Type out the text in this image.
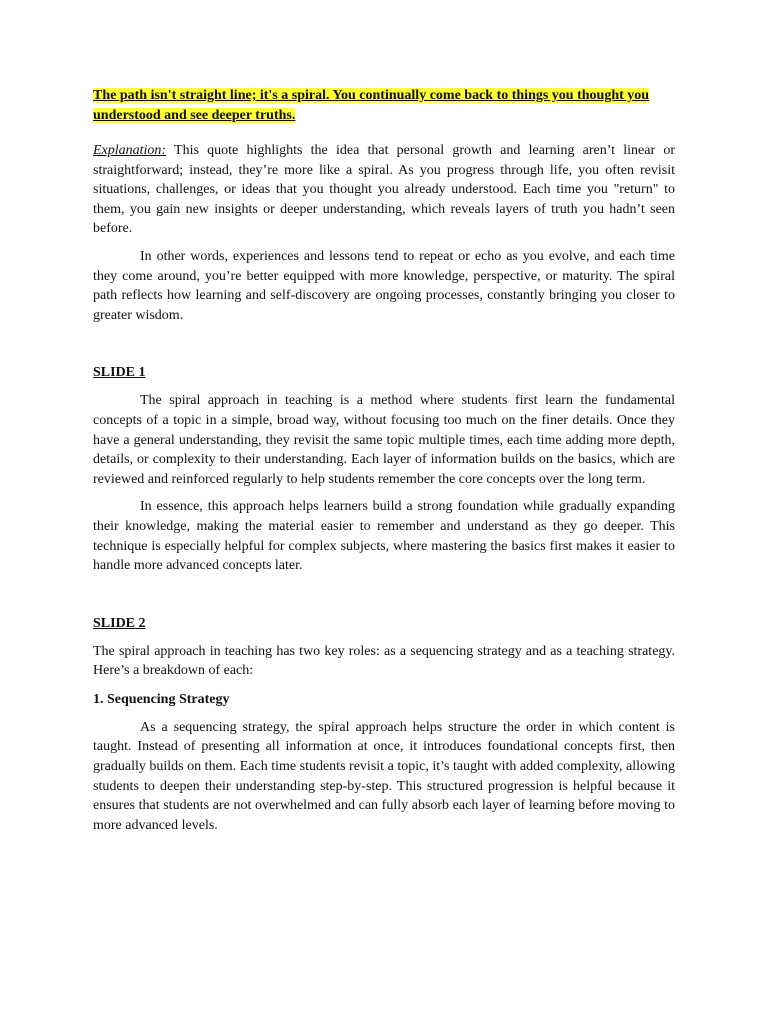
The path isn't straight line; it's a spiral. You continually come back to things you thought you understood and see deeper truths.

Explanation: This quote highlights the idea that personal growth and learning aren’t linear or straightforward; instead, they’re more like a spiral. As you progress through life, you often revisit situations, challenges, or ideas that you thought you already understood. Each time you "return" to them, you gain new insights or deeper understanding, which reveals layers of truth you hadn’t seen before.

In other words, experiences and lessons tend to repeat or echo as you evolve, and each time they come around, you’re better equipped with more knowledge, perspective, or maturity. The spiral path reflects how learning and self-discovery are ongoing processes, constantly bringing you closer to greater wisdom.

SLIDE 1

The spiral approach in teaching is a method where students first learn the fundamental concepts of a topic in a simple, broad way, without focusing too much on the finer details. Once they have a general understanding, they revisit the same topic multiple times, each time adding more depth, details, or complexity to their understanding. Each layer of information builds on the basics, which are reviewed and reinforced regularly to help students remember the core concepts over the long term.

In essence, this approach helps learners build a strong foundation while gradually expanding their knowledge, making the material easier to remember and understand as they go deeper. This technique is especially helpful for complex subjects, where mastering the basics first makes it easier to handle more advanced concepts later.

SLIDE 2

The spiral approach in teaching has two key roles: as a sequencing strategy and as a teaching strategy. Here’s a breakdown of each:

1. Sequencing Strategy

As a sequencing strategy, the spiral approach helps structure the order in which content is taught. Instead of presenting all information at once, it introduces foundational concepts first, then gradually builds on them. Each time students revisit a topic, it’s taught with added complexity, allowing students to deepen their understanding step-by-step. This structured progression is helpful because it ensures that students are not overwhelmed and can fully absorb each layer of learning before moving to more advanced levels.
